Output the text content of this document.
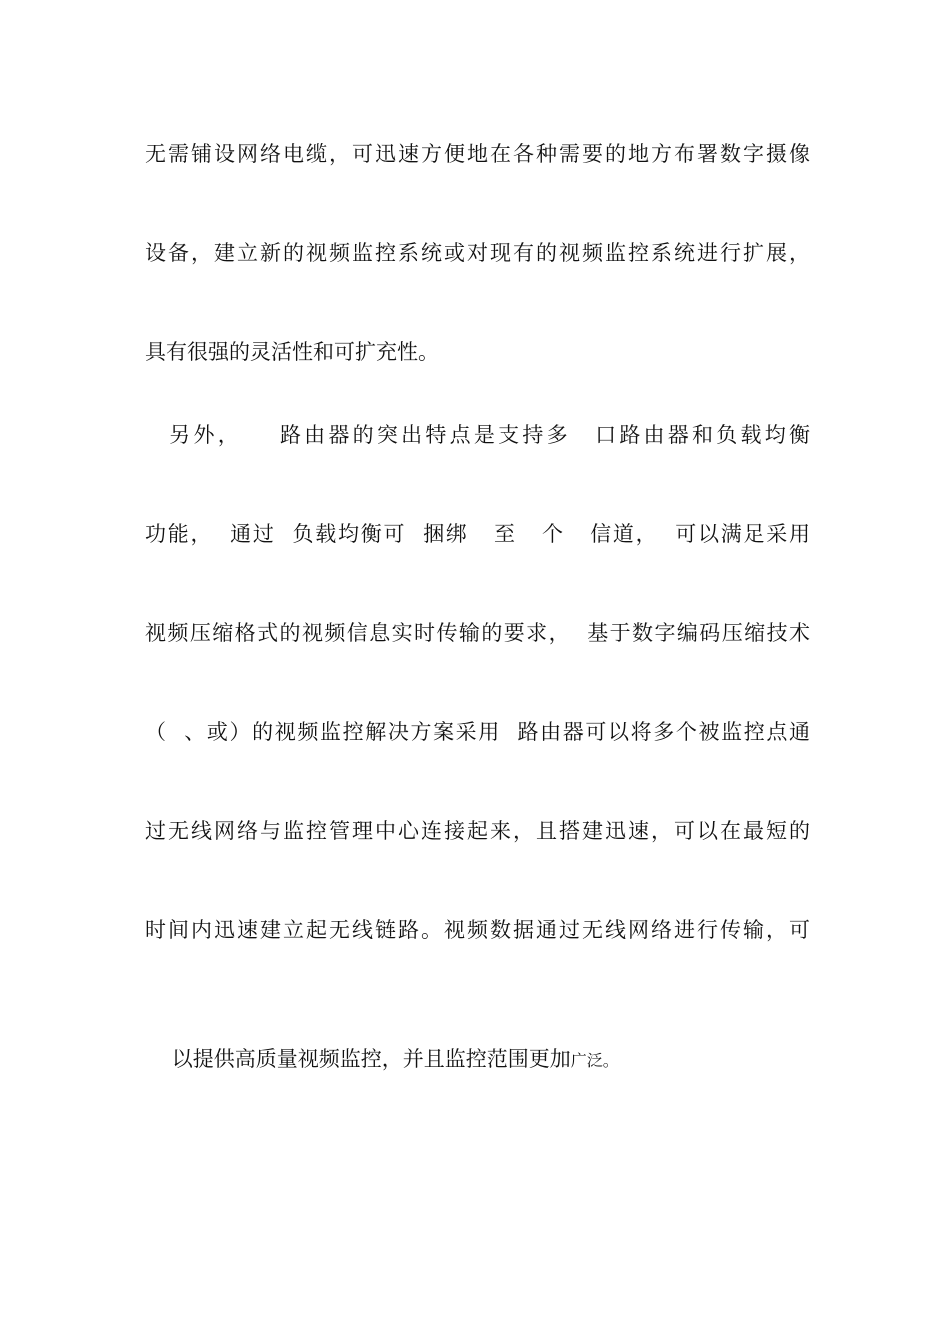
无需铺设网络电缆，可迅速方便地在各种需要的地方布署数字摄像
设备，建立新的视频监控系统或对现有的视频监控系统进行扩展，
具有很强的灵活性和可扩充性。
　另外，　　路由器的突出特点是支持多　口路由器和负载均衡
功能，  通过  负载均衡可  捆绑   至   个   信道，  可以满足采用
视频压缩格式的视频信息实时传输的要求，  基于数字编码压缩技术
（  、或）的视频监控解决方案采用  路由器可以将多个被监控点通
过无线网络与监控管理中心连接起来，且搭建迅速，可以在最短的
时间内迅速建立起无线链路。视频数据通过无线网络进行传输，可

以提供高质量视频监控，并且监控范围更加广泛。
